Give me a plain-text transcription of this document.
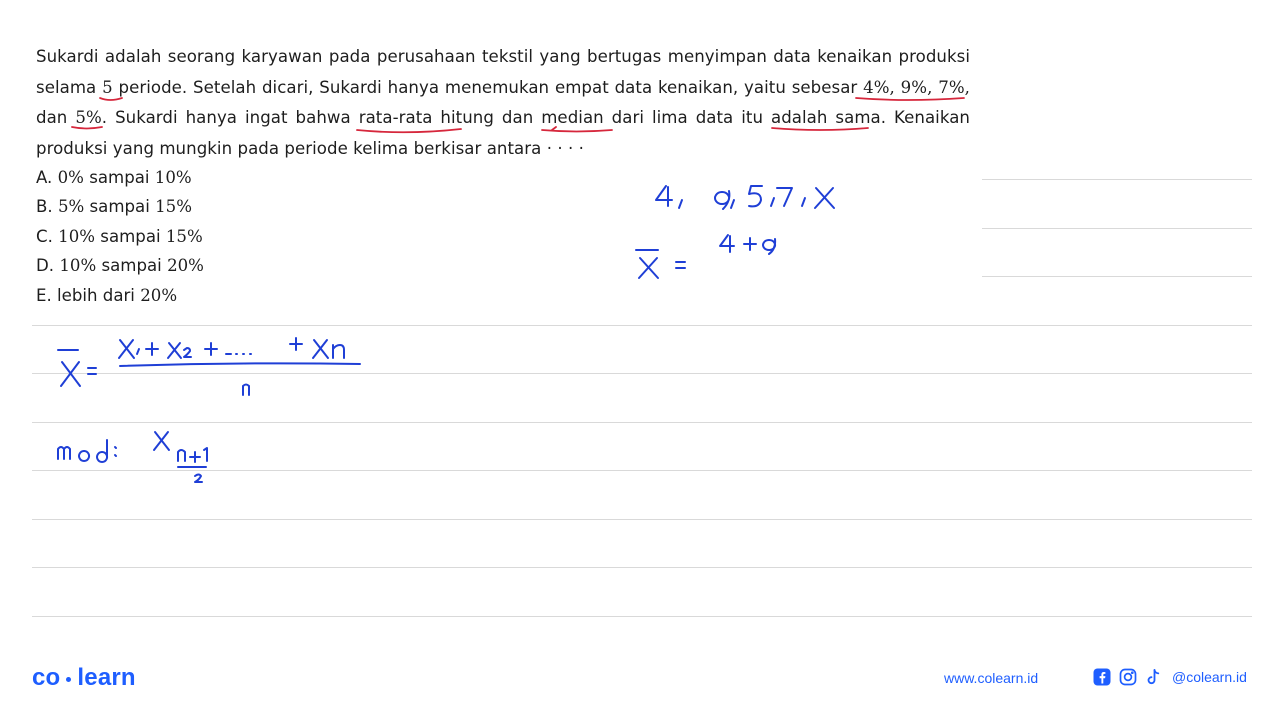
Sukardi adalah seorang karyawan pada perusahaan tekstil yang bertugas menyimpan data kenaikan produksi selama 5 periode. Setelah dicari, Sukardi hanya menemukan empat data kenaikan, yaitu sebesar 4%, 9%, 7%, dan 5%. Sukardi hanya ingat bahwa rata-rata hitung dan median dari lima data itu adalah sama. Kenaikan produksi yang mungkin pada periode kelima berkisar antara · · · ·
A. 0% sampai 10%
B. 5% sampai 15%
C. 10% sampai 15%
D. 10% sampai 20%
E. lebih dari 20%
co learn	www.colearn.id	@colearn.id
